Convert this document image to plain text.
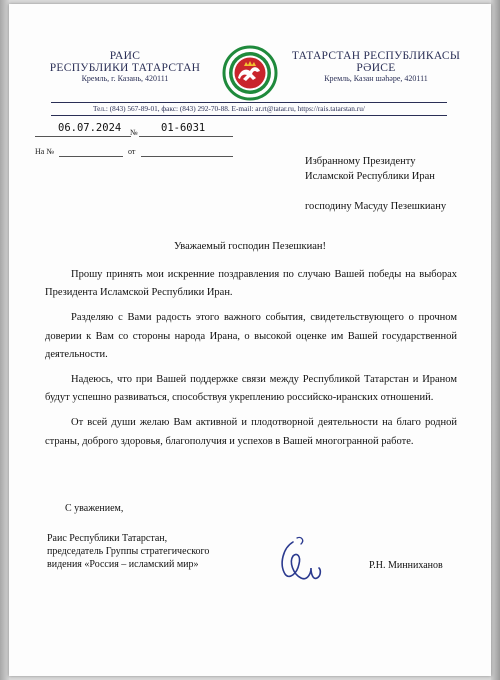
РАИС
РЕСПУБЛИКИ ТАТАРСТАН
Кремль, г. Казань, 420111
ТАТАРСТАН РЕСПУБЛИКАСЫ
РӘИСЕ
Кремль, Казан шәһәре, 420111
Тел.: (843) 567-89-01, факс: (843) 292-70-88. E-mail: ar.rt@tatar.ru, https://rais.tatarstan.ru/
06.07.2024 № 01-6031
На №	от
Избранному Президенту
Исламской Республики Иран
господину Масуду Пезешкиану
Уважаемый господин Пезешкиан!

Прошу принять мои искренние поздравления по случаю Вашей победы на выборах Президента Исламской Республики Иран.

Разделяю с Вами радость этого важного события, свидетельствующего о прочном доверии к Вам со стороны народа Ирана, о высокой оценке им Вашей государственной деятельности.

Надеюсь, что при Вашей поддержке связи между Республикой Татарстан и Ираном будут успешно развиваться, способствуя укреплению российско-иранских отношений.

От всей души желаю Вам активной и плодотворной деятельности на благо родной страны, доброго здоровья, благополучия и успехов в Вашей многогранной работе.

С уважением,
Раис Республики Татарстан,
председатель Группы стратегического
видения «Россия – исламский мир»	Р.Н. Минниханов
